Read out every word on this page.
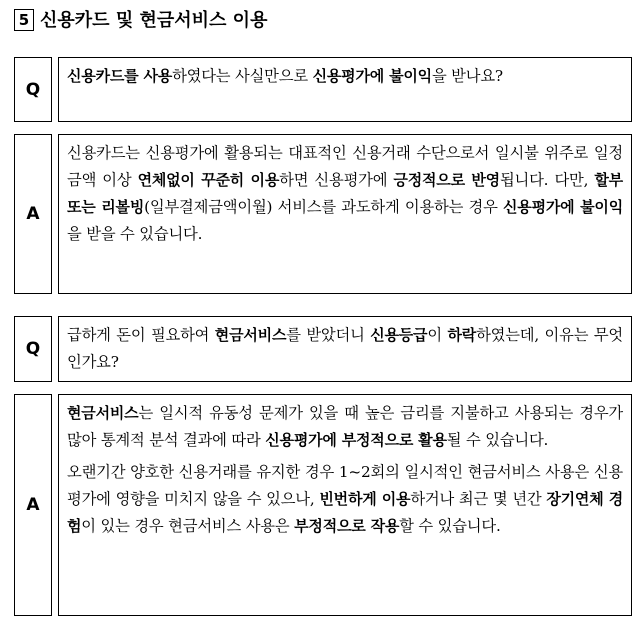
5 신용카드 및 현금서비스 이용
Q

신용카드를 사용하였다는 사실만으로 신용평가에 불이익을 받나요?

A

신용카드는 신용평가에 활용되는 대표적인 신용거래 수단으로서 일시불 위주로 일정금액 이상 연체없이 꾸준히 이용하면 신용평가에 긍정적으로 반영됩니다. 다만, 할부 또는 리볼빙(일부결제금액이월) 서비스를 과도하게 이용하는 경우 신용평가에 불이익을 받을 수 있습니다.

Q

급하게 돈이 필요하여 현금서비스를 받았더니 신용등급이 하락하였는데, 이유는 무엇인가요?

A

현금서비스는 일시적 유동성 문제가 있을 때 높은 금리를 지불하고 사용되는 경우가 많아 통계적 분석 결과에 따라 신용평가에 부정적으로 활용될 수 있습니다.

오랜기간 양호한 신용거래를 유지한 경우 1~2회의 일시적인 현금서비스 사용은 신용평가에 영향을 미치지 않을 수 있으나, 빈번하게 이용하거나 최근 몇 년간 장기연체 경험이 있는 경우 현금서비스 사용은 부정적으로 작용할 수 있습니다.
